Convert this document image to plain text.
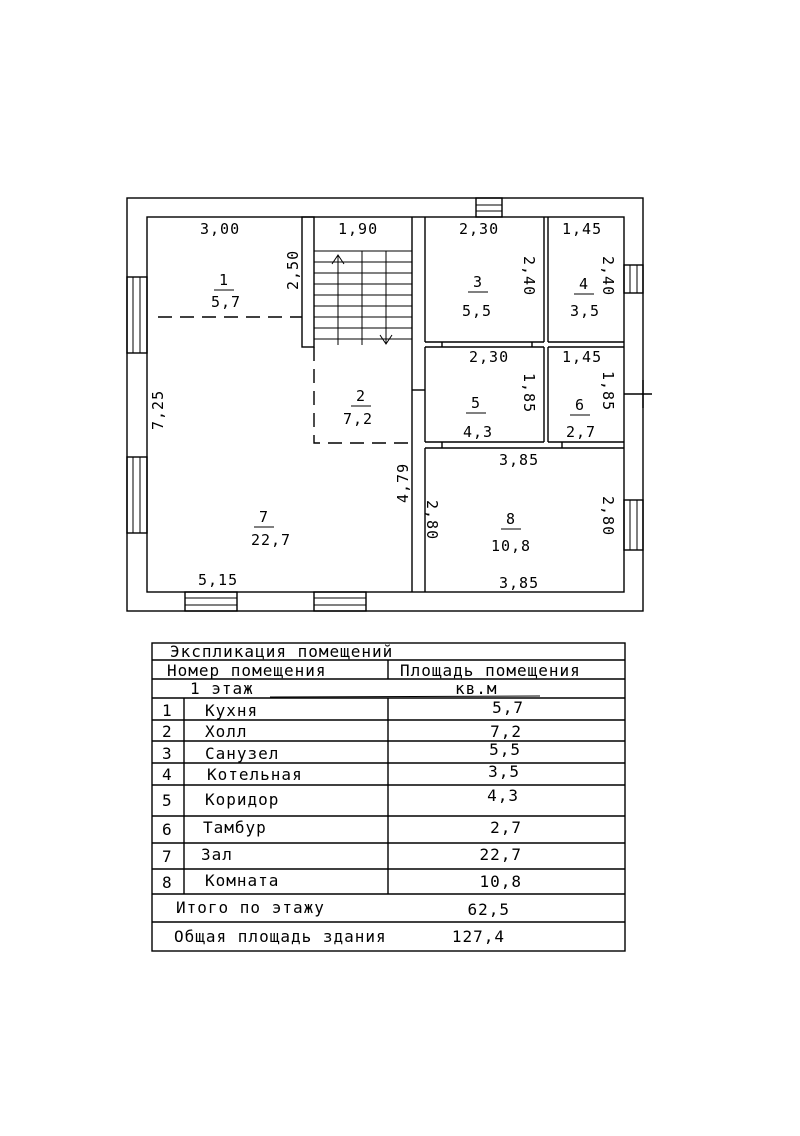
3,00	1,90	2,30	1,45
2,50	2,40	2,40
2,30	1,45
1,85	1,85
7,25
3,85
3,85
2,80	2,80
4,79
5,15
1
5,7
2
7,2
3
5,5
4
3,5
5
4,3
6
2,7
7
22,7
8
10,8
Экспликация помещений
Номер помещения	Площадь помещения
1 этаж	кв.м
1 Кухня	5,7
2 Холл	7,2
3 Санузел	5,5
4 Котельная	3,5
5 Коридор	4,3
6 Тамбур	2,7
7 Зал	22,7
8 Комната	10,8
Итого по этажу	62,5
Общая площадь здания	127,4
